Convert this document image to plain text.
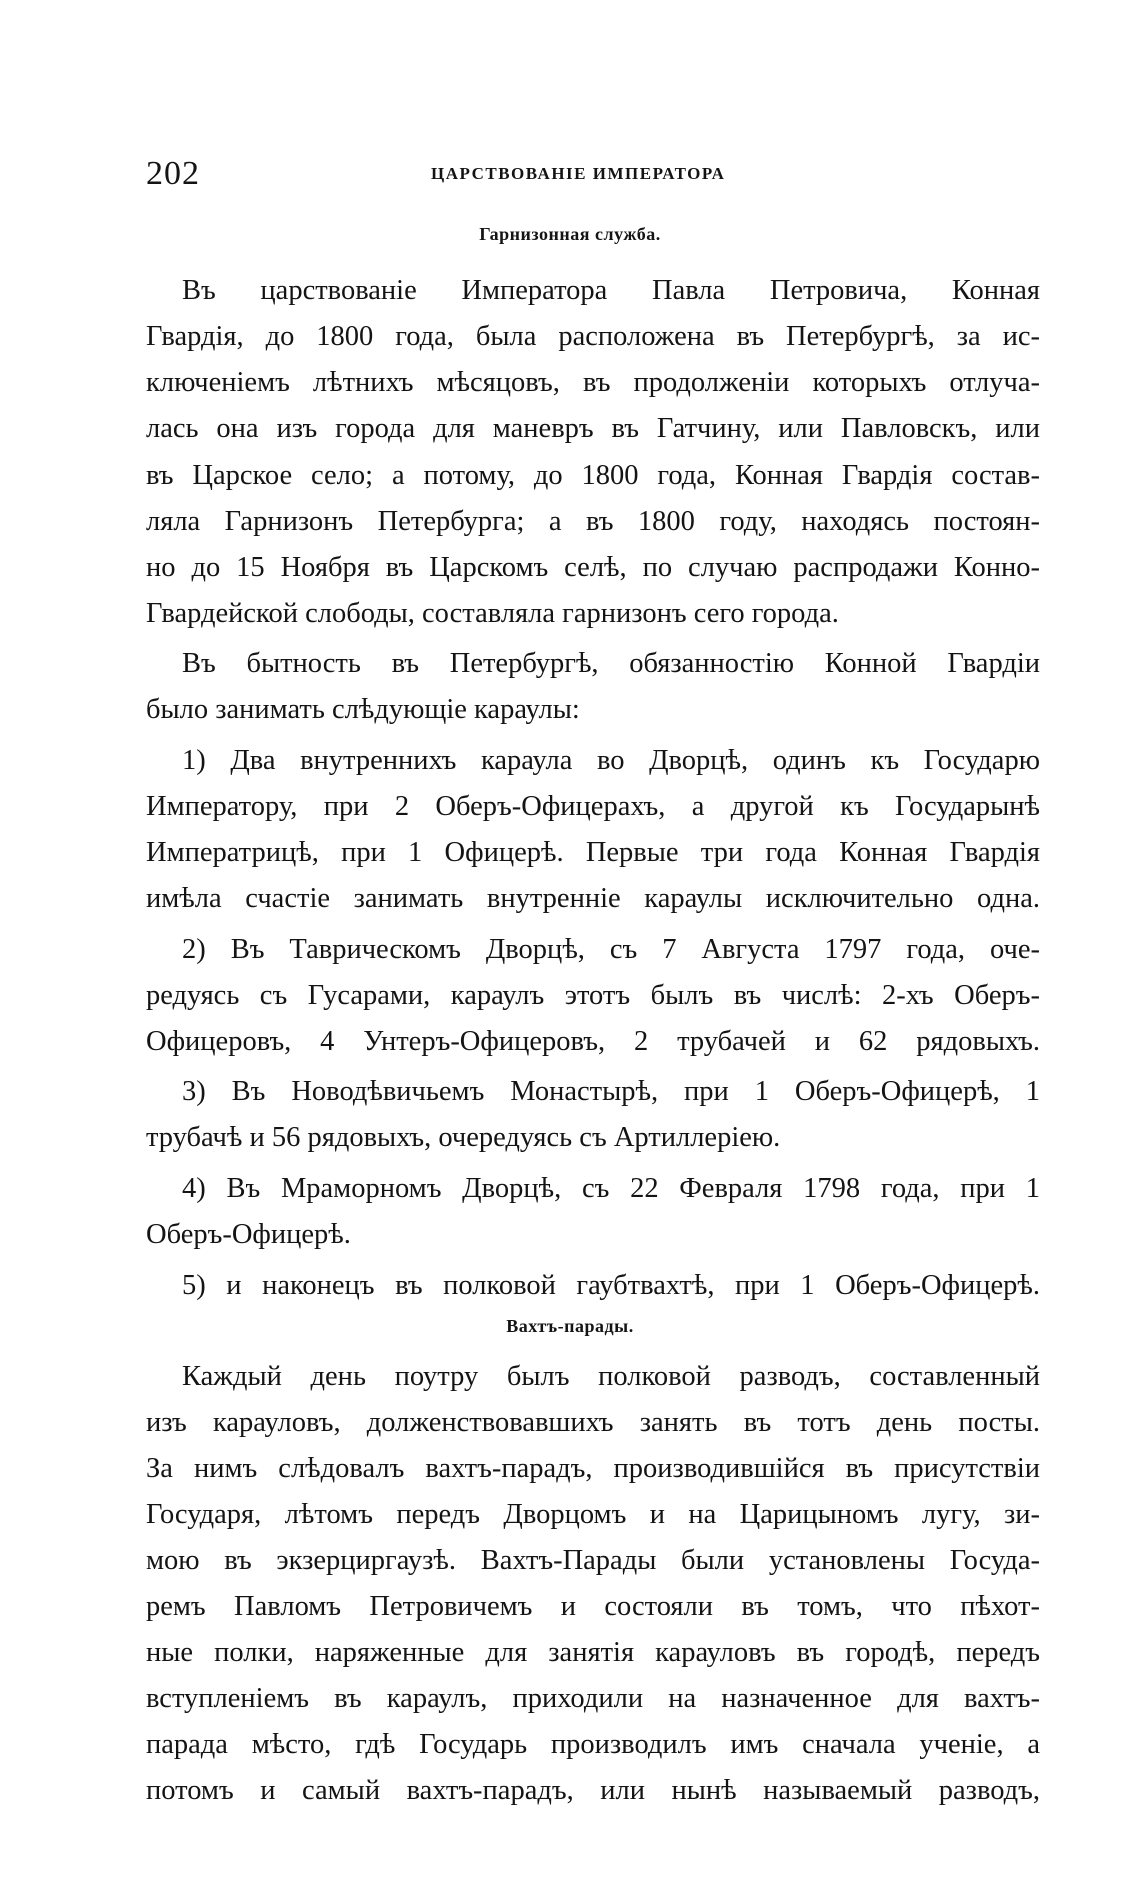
202	ЦАРСТВОВАНІЕ ИМПЕРАТОРА
Гарнизонная служба.
Въ царствованіе Императора Павла Петровича, Конная
Гвардія, до 1800 года, была расположена въ Петербургѣ, за ис-
ключеніемъ лѣтнихъ мѣсяцовъ, въ продолженіи которыхъ отлуча-
лась она изъ города для маневръ въ Гатчину, или Павловскъ, или
въ Царское село; а потому, до 1800 года, Конная Гвардія состав-
ляла Гарнизонъ Петербурга; а въ 1800 году, находясь постоян-
но до 15 Ноября въ Царскомъ селѣ, по случаю распродажи Конно-
Гвардейской слободы, составляла гарнизонъ сего города.
Въ бытность въ Петербургѣ, обязанностію Конной Гвардіи
было занимать слѣдующіе караулы:
1) Два внутреннихъ караула во Дворцѣ, одинъ къ Государю
Императору, при 2 Оберъ-Офицерахъ, а другой къ Государынѣ
Императрицѣ, при 1 Офицерѣ. Первые три года Конная Гвардія
имѣла счастіе занимать внутренніе караулы исключительно одна.
2) Въ Таврическомъ Дворцѣ, съ 7 Августа 1797 года, оче-
редуясь съ Гусарами, караулъ этотъ былъ въ числѣ: 2-хъ Оберъ-
Офицеровъ, 4 Унтеръ-Офицеровъ, 2 трубачей и 62 рядовыхъ.
3) Въ Новодѣвичьемъ Монастырѣ, при 1 Оберъ-Офицерѣ, 1
трубачѣ и 56 рядовыхъ, очередуясь съ Артиллеріею.
4) Въ Мраморномъ Дворцѣ, съ 22 Февраля 1798 года, при 1
Оберъ-Офицерѣ.
5) и наконецъ въ полковой гаубтвахтѣ, при 1 Оберъ-Офицерѣ.
Вахтъ-парады.
Каждый день поутру былъ полковой разводъ, составленный
изъ карауловъ, долженствовавшихъ занять въ тотъ день посты.
За нимъ слѣдовалъ вахтъ-парадъ, производившійся въ присутствіи
Государя, лѣтомъ передъ Дворцомъ и на Царицыномъ лугу, зи-
мою въ экзерциргаузѣ. Вахтъ-Парады были установлены Госуда-
ремъ Павломъ Петровичемъ и состояли въ томъ, что пѣхот-
ные полки, наряженные для занятія карауловъ въ городѣ, передъ
вступленіемъ въ караулъ, приходили на назначенное для вахтъ-
парада мѣсто, гдѣ Государь производилъ имъ сначала ученіе, а
потомъ и самый вахтъ-парадъ, или нынѣ называемый разводъ,
